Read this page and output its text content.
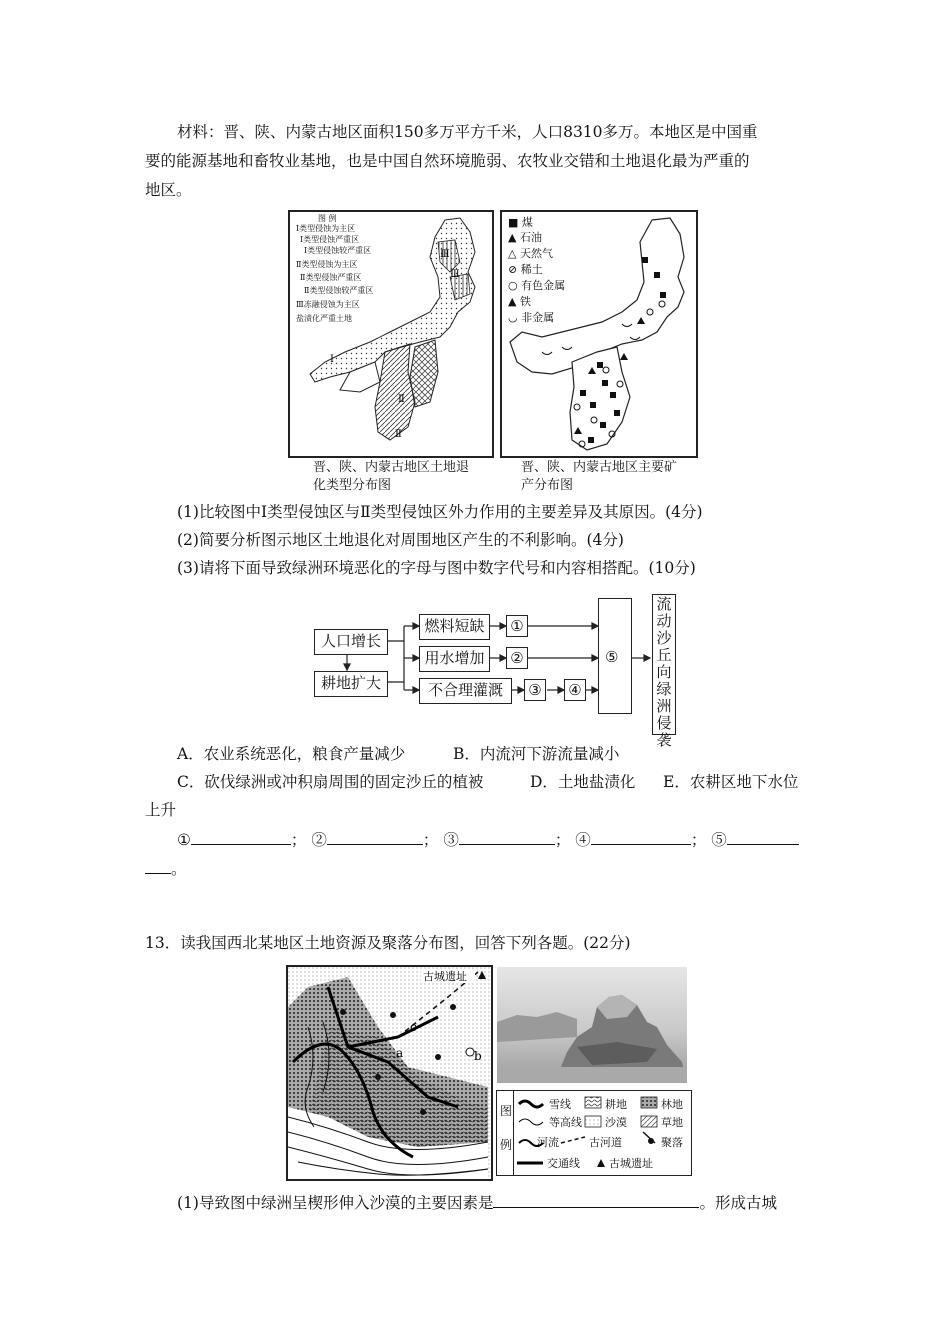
材料：晋、陕、内蒙古地区面积150多万平方千米，人口8310多万。本地区是中国重
要的能源基地和畜牧业基地，也是中国自然环境脆弱、农牧业交错和土地退化最为严重的
地区。
Ⅰ
Ⅱ
Ⅱ
Ⅲ
Ⅲ
图 例
Ⅰ类型侵蚀为主区
Ⅰ类型侵蚀严重区
Ⅰ类型侵蚀较严重区
Ⅱ类型侵蚀为主区
Ⅱ类型侵蚀严重区
Ⅱ类型侵蚀较严重区
Ⅲ冻融侵蚀为主区
盐渍化严重土地
晋、陕、内蒙古地区土地退
化类型分布图
■ 煤
▲ 石油
△ 天然气
⊘ 稀土
○ 有色金属
▲ 铁
◡ 非金属
晋、陕、内蒙古地区主要矿
产分布图
(1)比较图中Ⅰ类型侵蚀区与Ⅱ类型侵蚀区外力作用的主要差异及其原因。(4分)
(2)简要分析图示地区土地退化对周围地区产生的不利影响。(4分)
(3)请将下面导致绿洲环境恶化的字母与图中数字代号和内容相搭配。(10分)
人口增长
耕地扩大
燃料短缺
用水增加
不合理灌溉
①
②
③ ④
⑤
流动沙丘向绿洲侵袭
A．农业系统恶化，粮食产量减少	B．内流河下游流量减小
C．砍伐绿洲或冲积扇周围的固定沙丘的植被	D．土地盐渍化 E．农耕区地下水位
上升
①	； ②	； ③	； ④	； ⑤
。
13．读我国西北某地区土地资源及聚落分布图，回答下列各题。(22分)
a	b
c
古城遗址
图
例
雪线	耕地	林地
等高线 沙漠	草地
河流	古河道	聚落
交通线	古城遗址
(1)导致图中绿洲呈楔形伸入沙漠的主要因素是	。形成古城
